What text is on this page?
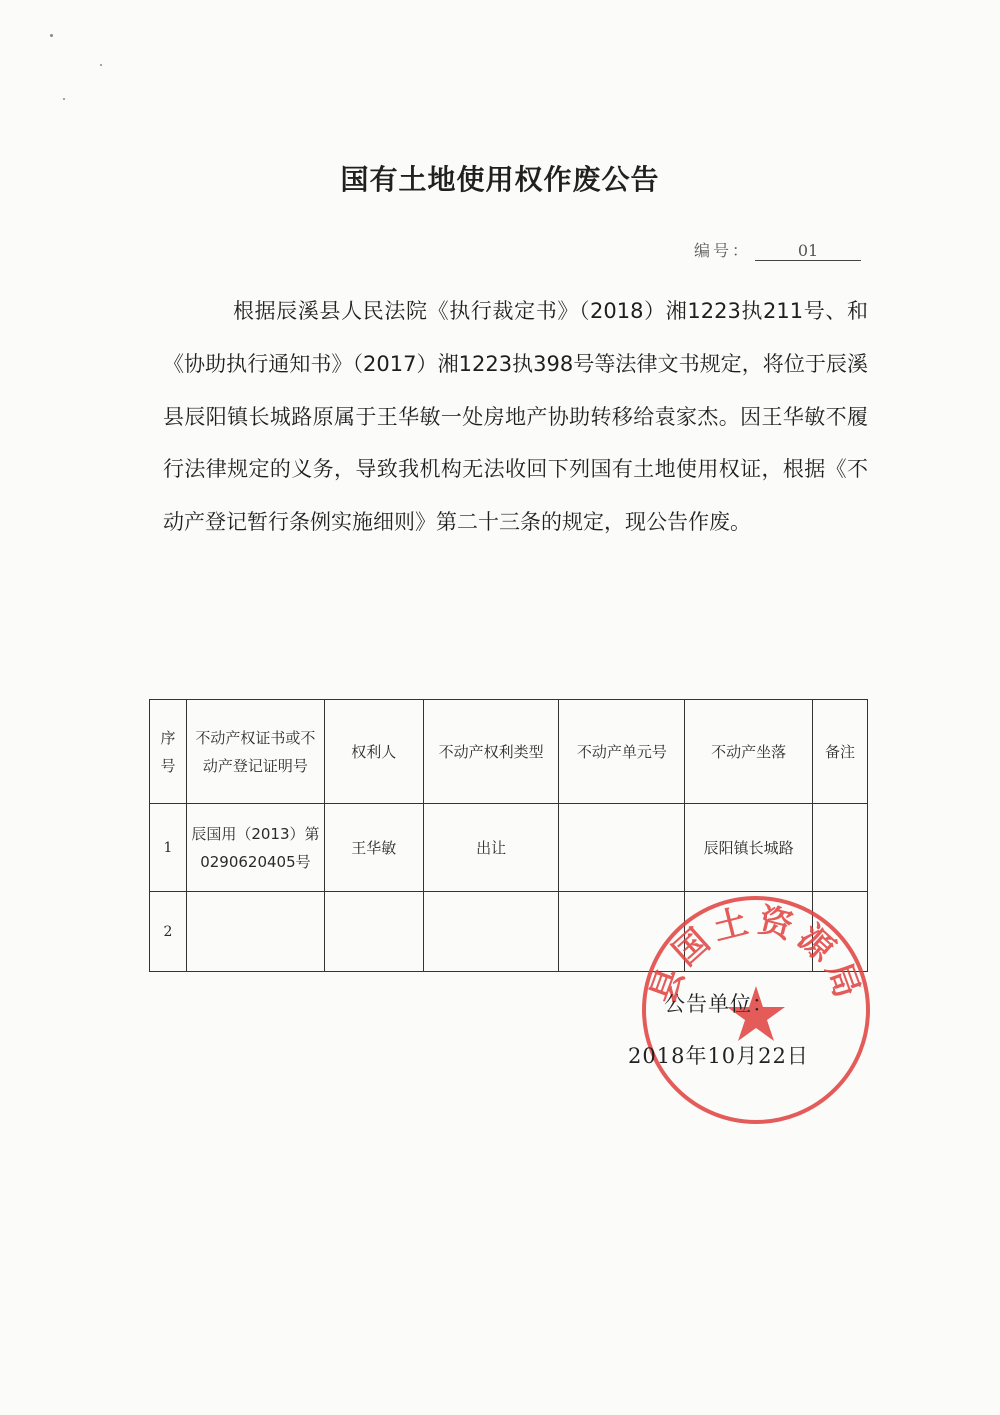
国有土地使用权作废公告
编号：	01

根据辰溪县人民法院《执行裁定书》（2018）湘1223执211号、和《协助执行通知书》（2017）湘1223执398号等法律文书规定，将位于辰溪县辰阳镇长城路原属于王华敏一处房地产协助转移给袁家杰。因王华敏不履行法律规定的义务，导致我机构无法收回下列国有土地使用权证，根据《不动产登记暂行条例实施细则》第二十三条的规定，现公告作废。

序号	不动产权证书或不动产登记证明号	权利人	不动产权利类型	不动产单元号	不动产坐落	备注
1	辰国用（2013）第0290620405号	王华敏	出让		辰阳镇长城路	
2						
县国土资源局
公告单位：
2018年10月22日
